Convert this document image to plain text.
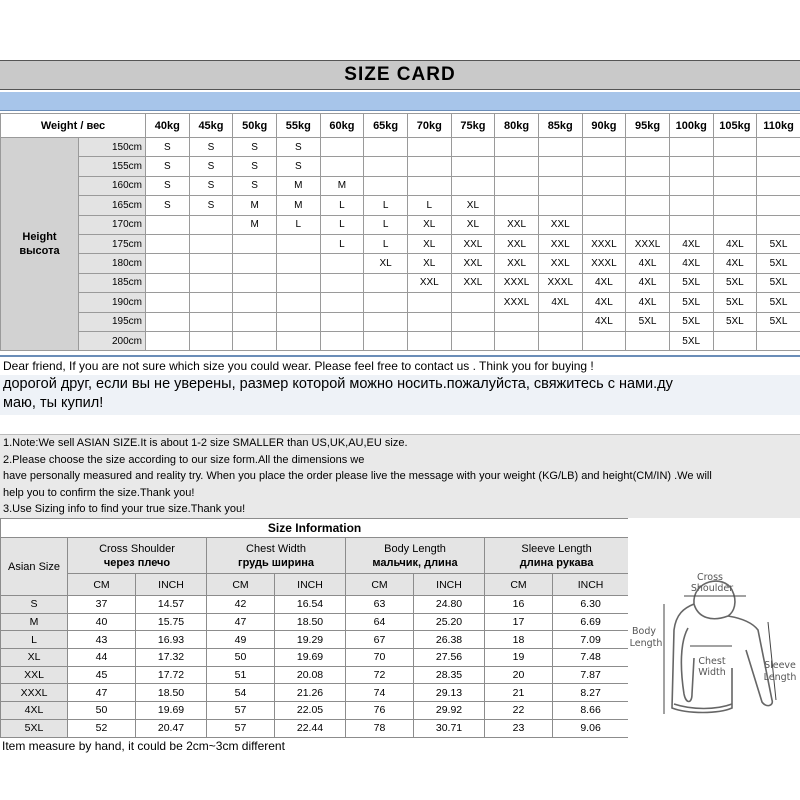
SIZE CARD
Weight / вес		40kg	45kg	50kg	55kg	60kg	65kg	70kg	75kg	80kg	85kg	90kg	95kg	100kg	105kg	110kg

Height
высота	150cm	S	S	S	S											
	155cm	S	S	S	S											
	160cm	S	S	S	M	M										
	165cm	S	S	M	M	L	L	L	XL							
	170cm			M	L	L	L	XL	XL	XXL	XXL					
	175cm					L	L	XL	XXL	XXL	XXL	XXXL	XXXL	4XL	4XL	5XL
	180cm						XL	XL	XXL	XXL	XXL	XXXL	4XL	4XL	4XL	5XL
	185cm							XXL	XXL	XXXL	XXXL	4XL	4XL	5XL	5XL	5XL
	190cm									XXXL	4XL	4XL	4XL	5XL	5XL	5XL
	195cm											4XL	5XL	5XL	5XL	5XL
	200cm													5XL		
Dear friend, If you are not sure which size you could wear. Please feel free to contact us . Think you for buying !
дорогой друг, если вы не уверены, размер которой можно носить.пожалуйста, свяжитесь с нами.ду
маю, ты купил!
1.Note:We sell ASIAN SIZE.It is about 1-2 size SMALLER than US,UK,AU,EU size.
2.Please choose the size according to our size form.All the dimensions we
have personally measured and reality try. When you place the order please live the message with your weight (KG/LB) and height(CM/IN) .We will
help you to confirm the size.Thank you!
3.Use Sizing info to find your true size.Thank you!
Size Information								
Asian Size	Cross Shoulder
через плечо		Chest Width
грудь ширина		Body Length
мальчик, длина		Sleeve Length
длина рукава	
	CM	INCH	CM	INCH	CM	INCH	CM	INCH
S	37	14.57	42	16.54	63	24.80	16	6.30
M	40	15.75	47	18.50	64	25.20	17	6.69
L	43	16.93	49	19.29	67	26.38	18	7.09
XL	44	17.32	50	19.69	70	27.56	19	7.48
XXL	45	17.72	51	20.08	72	28.35	20	7.87
XXXL	47	18.50	54	21.26	74	29.13	21	8.27
4XL	50	19.69	57	22.05	76	29.92	22	8.66
5XL	52	20.47	57	22.44	78	30.71	23	9.06
Cross
Shoulder
Body
Length
Chest
Width
Sleeve
Length
Item measure by hand, it could be 2cm~3cm different
